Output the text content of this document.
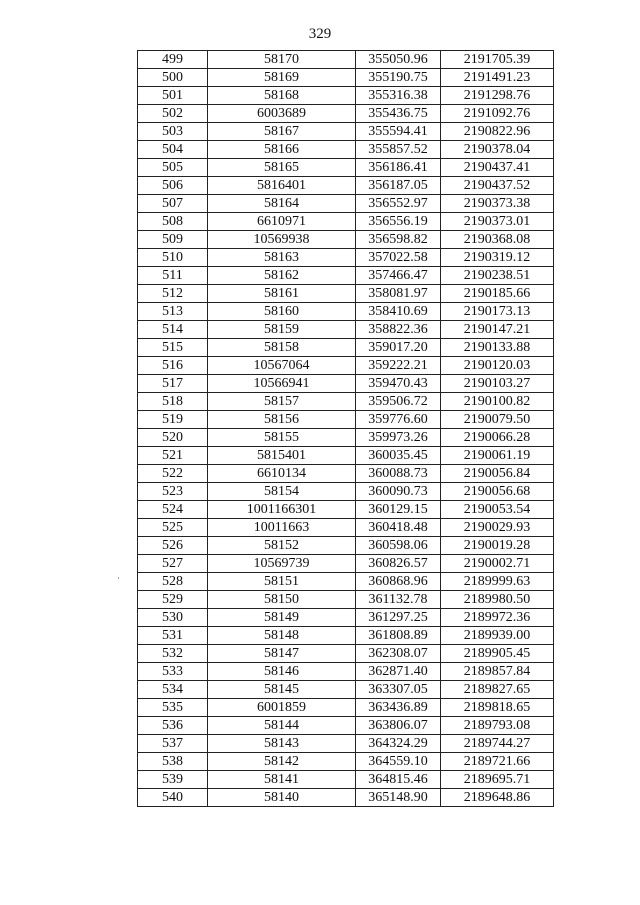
329
·
499	58170	355050.96	2191705.39
500	58169	355190.75	2191491.23
501	58168	355316.38	2191298.76
502	6003689	355436.75	2191092.76
503	58167	355594.41	2190822.96
504	58166	355857.52	2190378.04
505	58165	356186.41	2190437.41
506	5816401	356187.05	2190437.52
507	58164	356552.97	2190373.38
508	6610971	356556.19	2190373.01
509	10569938	356598.82	2190368.08
510	58163	357022.58	2190319.12
511	58162	357466.47	2190238.51
512	58161	358081.97	2190185.66
513	58160	358410.69	2190173.13
514	58159	358822.36	2190147.21
515	58158	359017.20	2190133.88
516	10567064	359222.21	2190120.03
517	10566941	359470.43	2190103.27
518	58157	359506.72	2190100.82
519	58156	359776.60	2190079.50
520	58155	359973.26	2190066.28
521	5815401	360035.45	2190061.19
522	6610134	360088.73	2190056.84
523	58154	360090.73	2190056.68
524	1001166301	360129.15	2190053.54
525	10011663	360418.48	2190029.93
526	58152	360598.06	2190019.28
527	10569739	360826.57	2190002.71
528	58151	360868.96	2189999.63
529	58150	361132.78	2189980.50
530	58149	361297.25	2189972.36
531	58148	361808.89	2189939.00
532	58147	362308.07	2189905.45
533	58146	362871.40	2189857.84
534	58145	363307.05	2189827.65
535	6001859	363436.89	2189818.65
536	58144	363806.07	2189793.08
537	58143	364324.29	2189744.27
538	58142	364559.10	2189721.66
539	58141	364815.46	2189695.71
540	58140	365148.90	2189648.86
